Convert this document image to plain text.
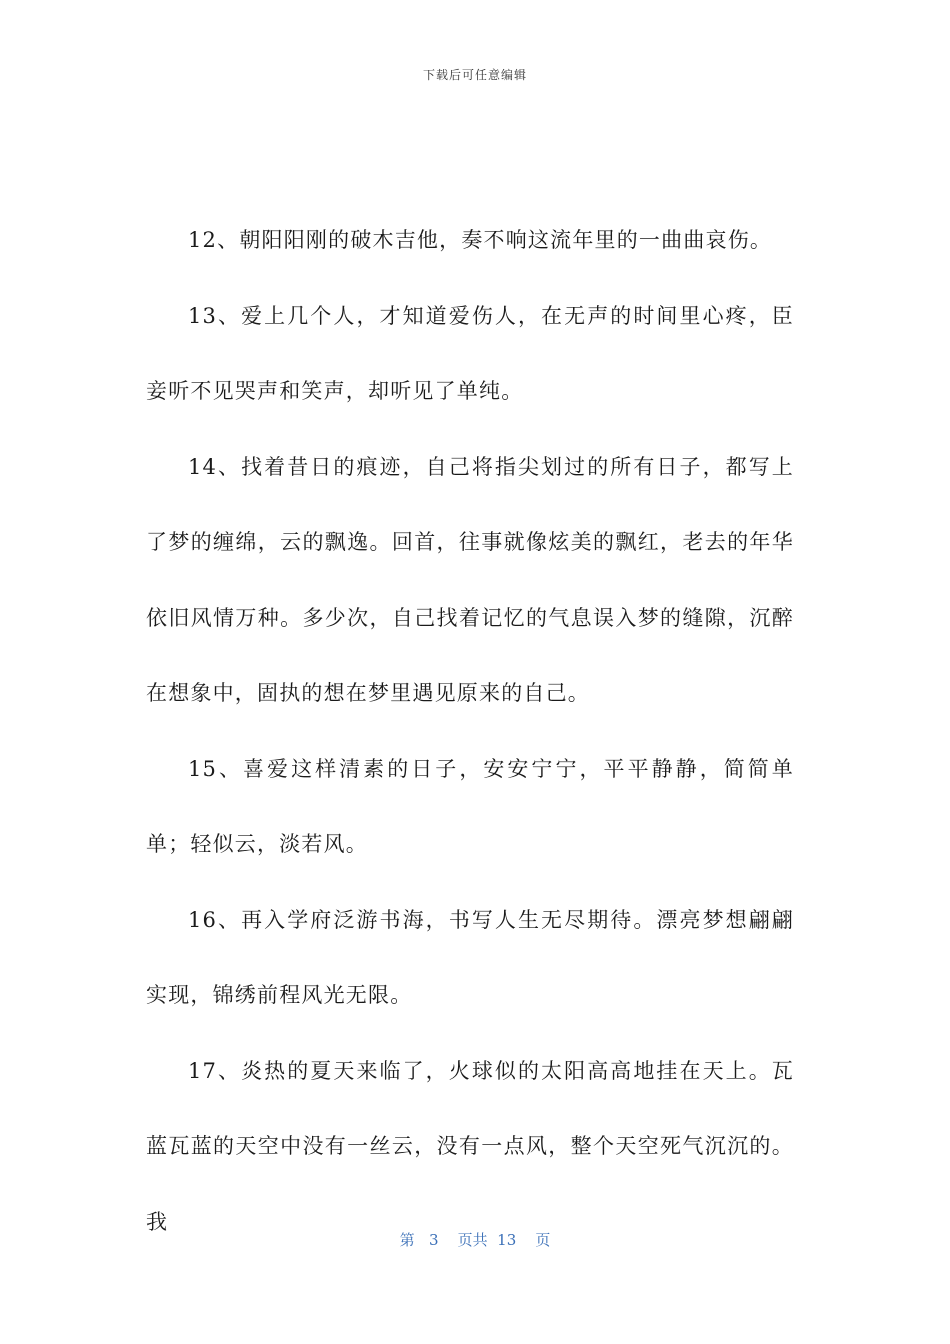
下载后可任意编辑

12、朝阳阳刚的破木吉他，奏不响这流年里的一曲曲哀伤。

13、爱上几个人，才知道爱伤人，在无声的时间里心疼，臣妾听不见哭声和笑声，却听见了单纯。

14、找着昔日的痕迹，自己将指尖划过的所有日子，都写上了梦的缠绵，云的飘逸。回首，往事就像炫美的飘红，老去的年华依旧风情万种。多少次，自己找着记忆的气息误入梦的缝隙，沉醉在想象中，固执的想在梦里遇见原来的自己。

15、喜爱这样清素的日子，安安宁宁，平平静静，简简单单；轻似云，淡若风。

16、再入学府泛游书海，书写人生无尽期待。漂亮梦想翩翩实现，锦绣前程风光无限。

17、炎热的夏天来临了，火球似的太阳高高地挂在天上。瓦蓝瓦蓝的天空中没有一丝云，没有一点风，整个天空死气沉沉的。我

第 3 页共 13 页
